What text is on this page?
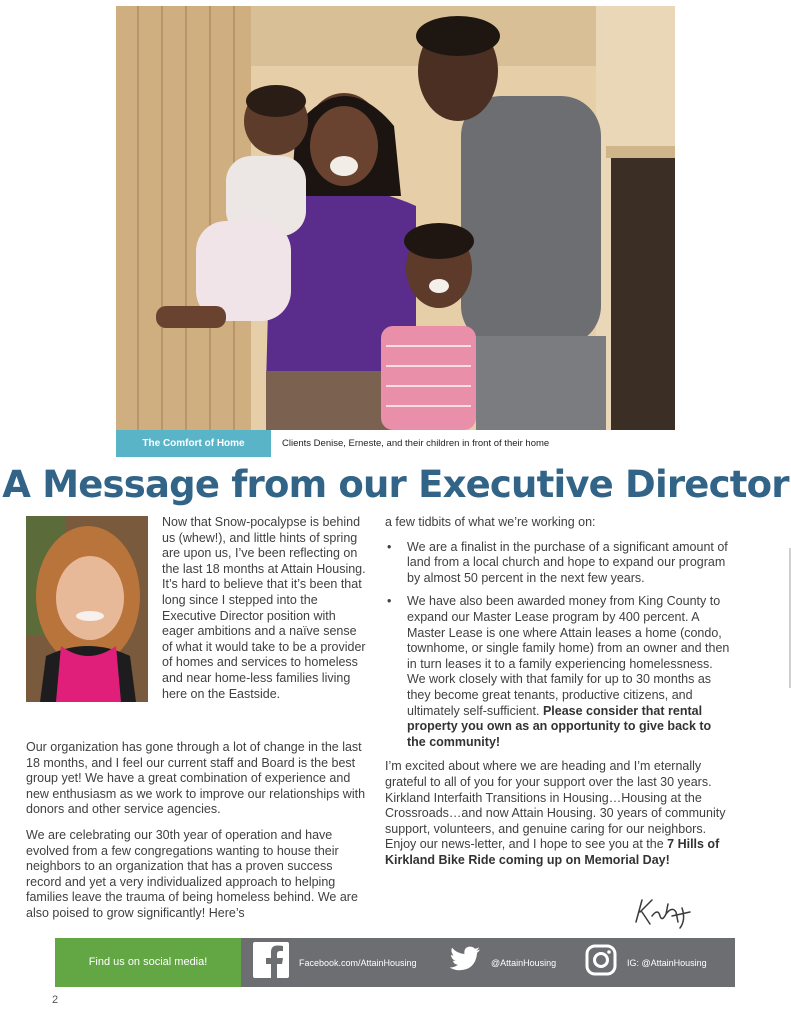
The Comfort of Home	Clients Denise, Erneste, and their children in front of their home
A Message from our Executive Director

Now that Snow-pocalypse is behind us (whew!), and little hints of spring are upon us, I’ve been reflecting on the last 18 months at Attain Housing. It’s hard to believe that it’s been that long since I stepped into the Executive Director position with eager ambitions and a naïve sense of what it would take to be a provider of homes and services to homeless and near home-less families living here on the Eastside.

Our organization has gone through a lot of change in the last 18 months, and I feel our current staff and Board is the best group yet! We have a great combination of experience and new enthusiasm as we work to improve our relationships with donors and other service agencies.

We are celebrating our 30th year of operation and have evolved from a few congregations wanting to house their neighbors to an organization that has a proven success record and yet a very individualized approach to helping families leave the trauma of being homeless behind. We are also poised to grow significantly! Here’s

a few tidbits of what we’re working on:

• We are a finalist in the purchase of a significant amount of land from a local church and hope to expand our program by almost 50 percent in the next few years.
• We have also been awarded money from King County to expand our Master Lease program by 400 percent. A Master Lease is one where Attain leases a home (condo, townhome, or single family home) from an owner and then in turn leases it to a family experiencing homelessness. We work closely with that family for up to 30 months as they become great tenants, productive citizens, and ultimately self-sufficient. Please consider that rental property you own as an opportunity to give back to the community!

I’m excited about where we are heading and I’m eternally grateful to all of you for your support over the last 30 years. Kirkland Interfaith Transitions in Housing…Housing at the Crossroads…and now Attain Housing. 30 years of community support, volunteers, and genuine caring for our neighbors. Enjoy our news-letter, and I hope to see you at the 7 Hills of Kirkland Bike Ride coming up on Memorial Day!

Find us on social media!	Facebook.com/AttainHousing	@AttainHousing	IG: @AttainHousing
2
